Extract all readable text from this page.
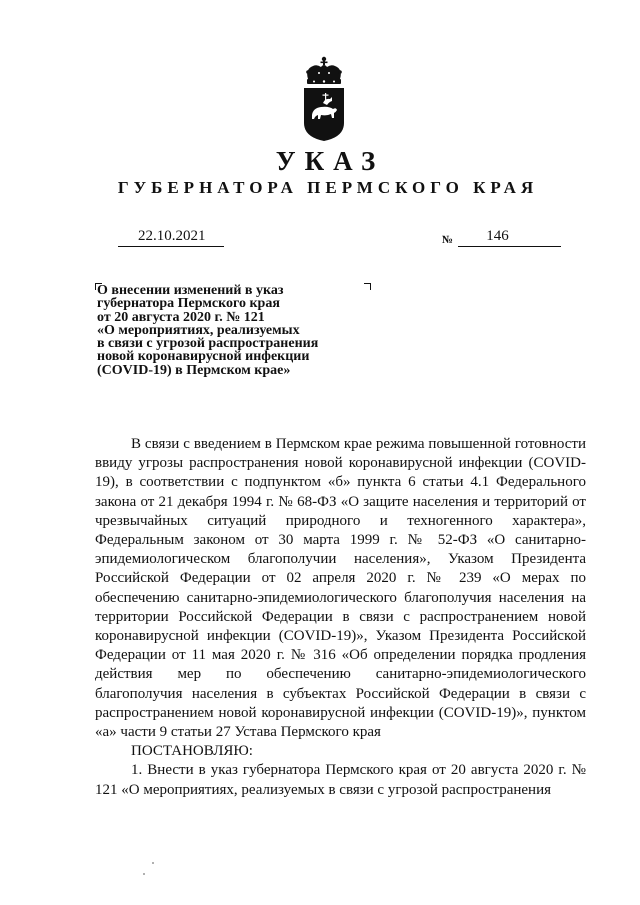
УКАЗ
ГУБЕРНАТОРА ПЕРМСКОГО КРАЯ
22.10.2021	№	146
О внесении изменений в указ
губернатора Пермского края
от 20 августа 2020 г. № 121
«О мероприятиях, реализуемых
в связи с угрозой распространения
новой коронавирусной инфекции
(COVID-19) в Пермском крае»

В связи с введением в Пермском крае режима повышенной готовности ввиду угрозы распространения новой коронавирусной инфекции (COVID-19), в соответствии с подпунктом «б» пункта 6 статьи 4.1 Федерального закона от 21 декабря 1994 г. № 68-ФЗ «О защите населения и территорий от чрезвычайных ситуаций природного и техногенного характера», Федеральным законом от 30 марта 1999 г. № 52-ФЗ «О санитарно-эпидемиологическом благополучии населения», Указом Президента Российской Федерации от 02 апреля 2020 г. № 239 «О мерах по обеспечению санитарно-эпидемиологического благополучия населения на территории Российской Федерации в связи с распространением новой коронавирусной инфекции (COVID-19)», Указом Президента Российской Федерации от 11 мая 2020 г. № 316 «Об определении порядка продления действия мер по обеспечению санитарно-эпидемиологического благополучия населения в субъектах Российской Федерации в связи с распространением новой коронавирусной инфекции (COVID-19)», пунктом «а» части 9 статьи 27 Устава Пермского края

ПОСТАНОВЛЯЮ:

1. Внести в указ губернатора Пермского края от 20 августа 2020 г. № 121 «О мероприятиях, реализуемых в связи с угрозой распространения
